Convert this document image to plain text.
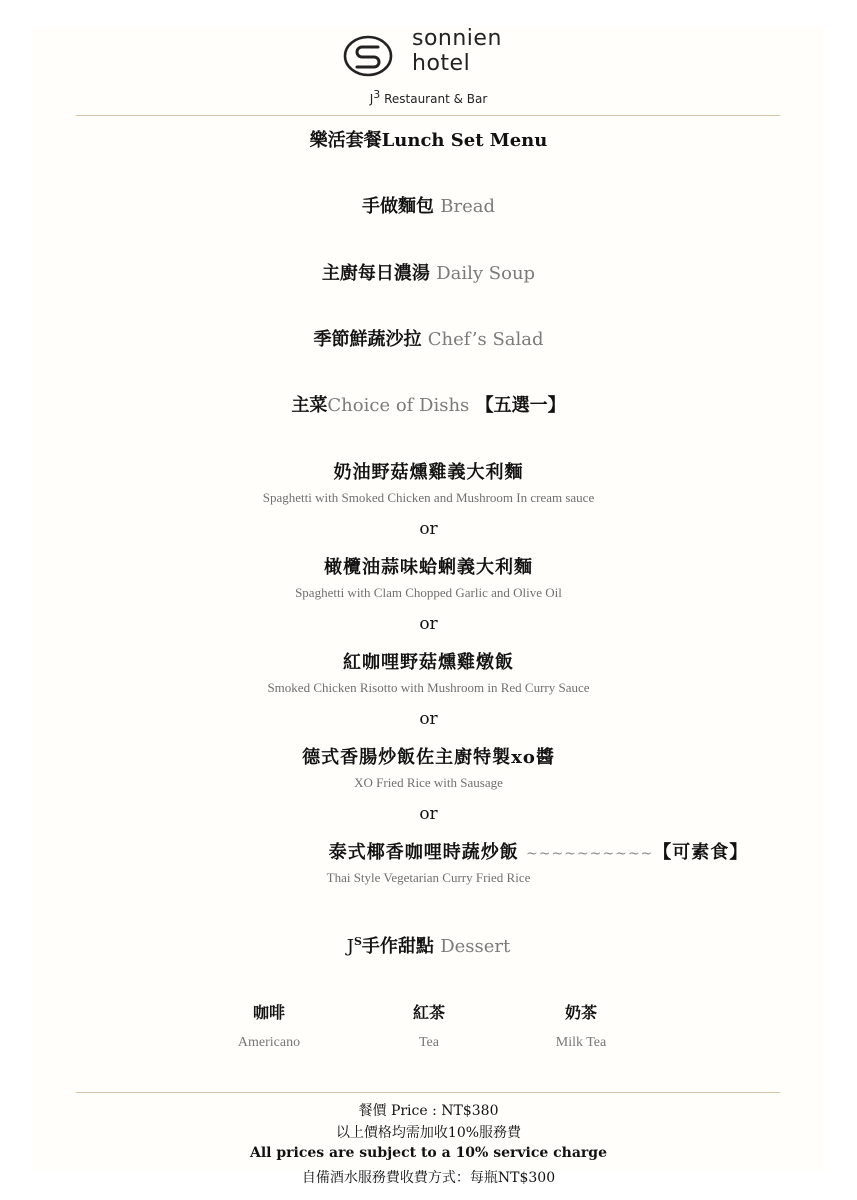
sonnien
hotel
$J^3$ Restaurant & Bar
樂活套餐Lunch Set Menu
手做麵包 Bread
主廚每日濃湯 Daily Soup
季節鮮蔬沙拉 Chef’s Salad
主菜Choice of Dishs 【五選一】
奶油野菇燻雞義大利麵
Spaghetti with Smoked Chicken and Mushroom In cream sauce
or
橄欖油蒜味蛤蜊義大利麵
Spaghetti with Clam Chopped Garlic and Olive Oil
or
紅咖哩野菇燻雞燉飯
Smoked Chicken Risotto with Mushroom in Red Curry Sauce
or
德式香腸炒飯佐主廚特製xo醬
XO Fried Rice with Sausage
or
泰式椰香咖哩時蔬炒飯 ~~~~~~~~~~【可素食】
Thai Style Vegetarian Curry Fried Rice
$J^S$手作甜點 Dessert
咖啡
Americano
紅茶
Tea
奶茶
Milk Tea
餐價 Price : NT$380
以上價格均需加收10%服務費
All prices are subject to a 10% service charge
自備酒水服務費收費方式：每瓶NT$300
